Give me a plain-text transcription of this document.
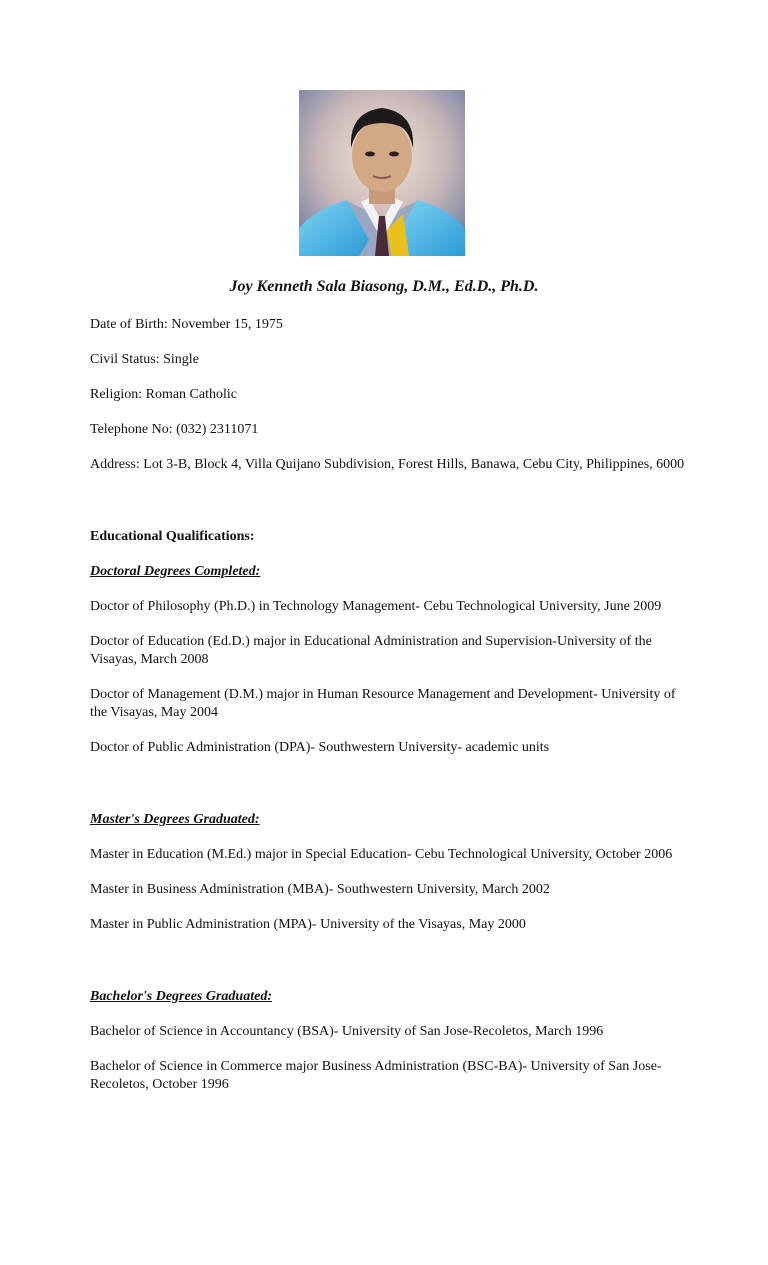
Joy Kenneth Sala Biasong, D.M., Ed.D., Ph.D.

Date of Birth: November 15, 1975

Civil Status: Single

Religion: Roman Catholic

Telephone No: (032) 2311071

Address: Lot 3-B, Block 4, Villa Quijano Subdivision, Forest Hills, Banawa, Cebu City, Philippines, 6000

Educational Qualifications:

Doctoral Degrees Completed:

Doctor of Philosophy (Ph.D.) in Technology Management- Cebu Technological University, June 2009

Doctor of Education (Ed.D.) major in Educational Administration and Supervision-University of the Visayas, March 2008

Doctor of Management (D.M.) major in Human Resource Management and Development- University of the Visayas, May 2004

Doctor of Public Administration (DPA)- Southwestern University- academic units

Master's Degrees Graduated:

Master in Education (M.Ed.) major in Special Education- Cebu Technological University, October 2006

Master in Business Administration (MBA)- Southwestern University, March 2002

Master in Public Administration (MPA)- University of the Visayas, May 2000

Bachelor's Degrees Graduated:

Bachelor of Science in Accountancy (BSA)- University of San Jose-Recoletos, March 1996

Bachelor of Science in Commerce major Business Administration (BSC-BA)- University of San Jose-Recoletos, October 1996
